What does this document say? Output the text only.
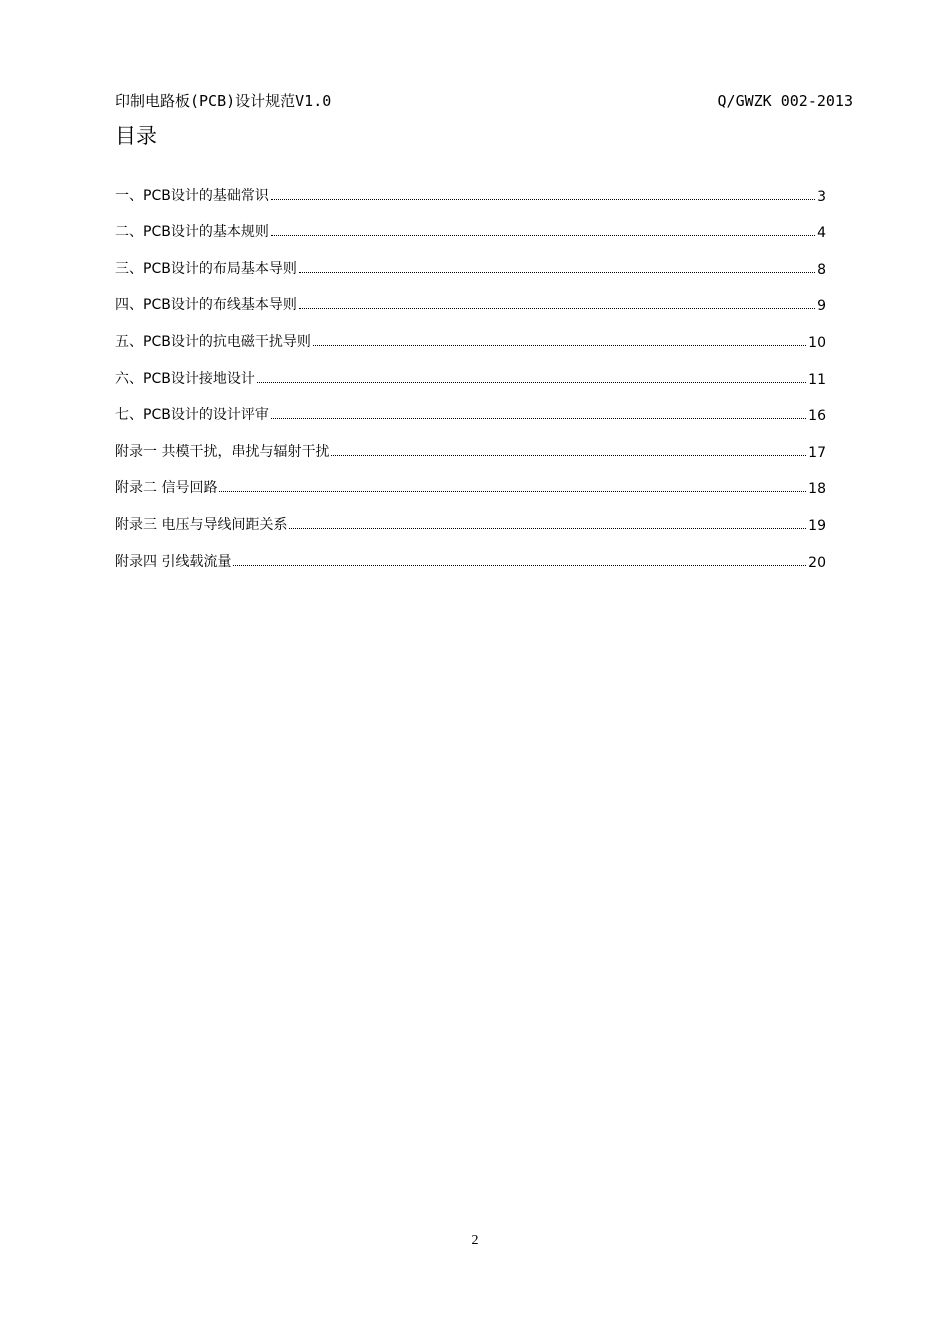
印制电路板(PCB)设计规范V1.0	Q/GWZK 002-2013
目录
一、PCB设计的基础常识	3
二、PCB设计的基本规则	4
三、PCB设计的布局基本导则	8
四、PCB设计的布线基本导则	9
五、PCB设计的抗电磁干扰导则	10
六、PCB设计接地设计	11
七、PCB设计的设计评审	16
附录一 共模干扰，串扰与辐射干扰	17
附录二 信号回路	18
附录三 电压与导线间距关系	19
附录四 引线载流量	20
2
